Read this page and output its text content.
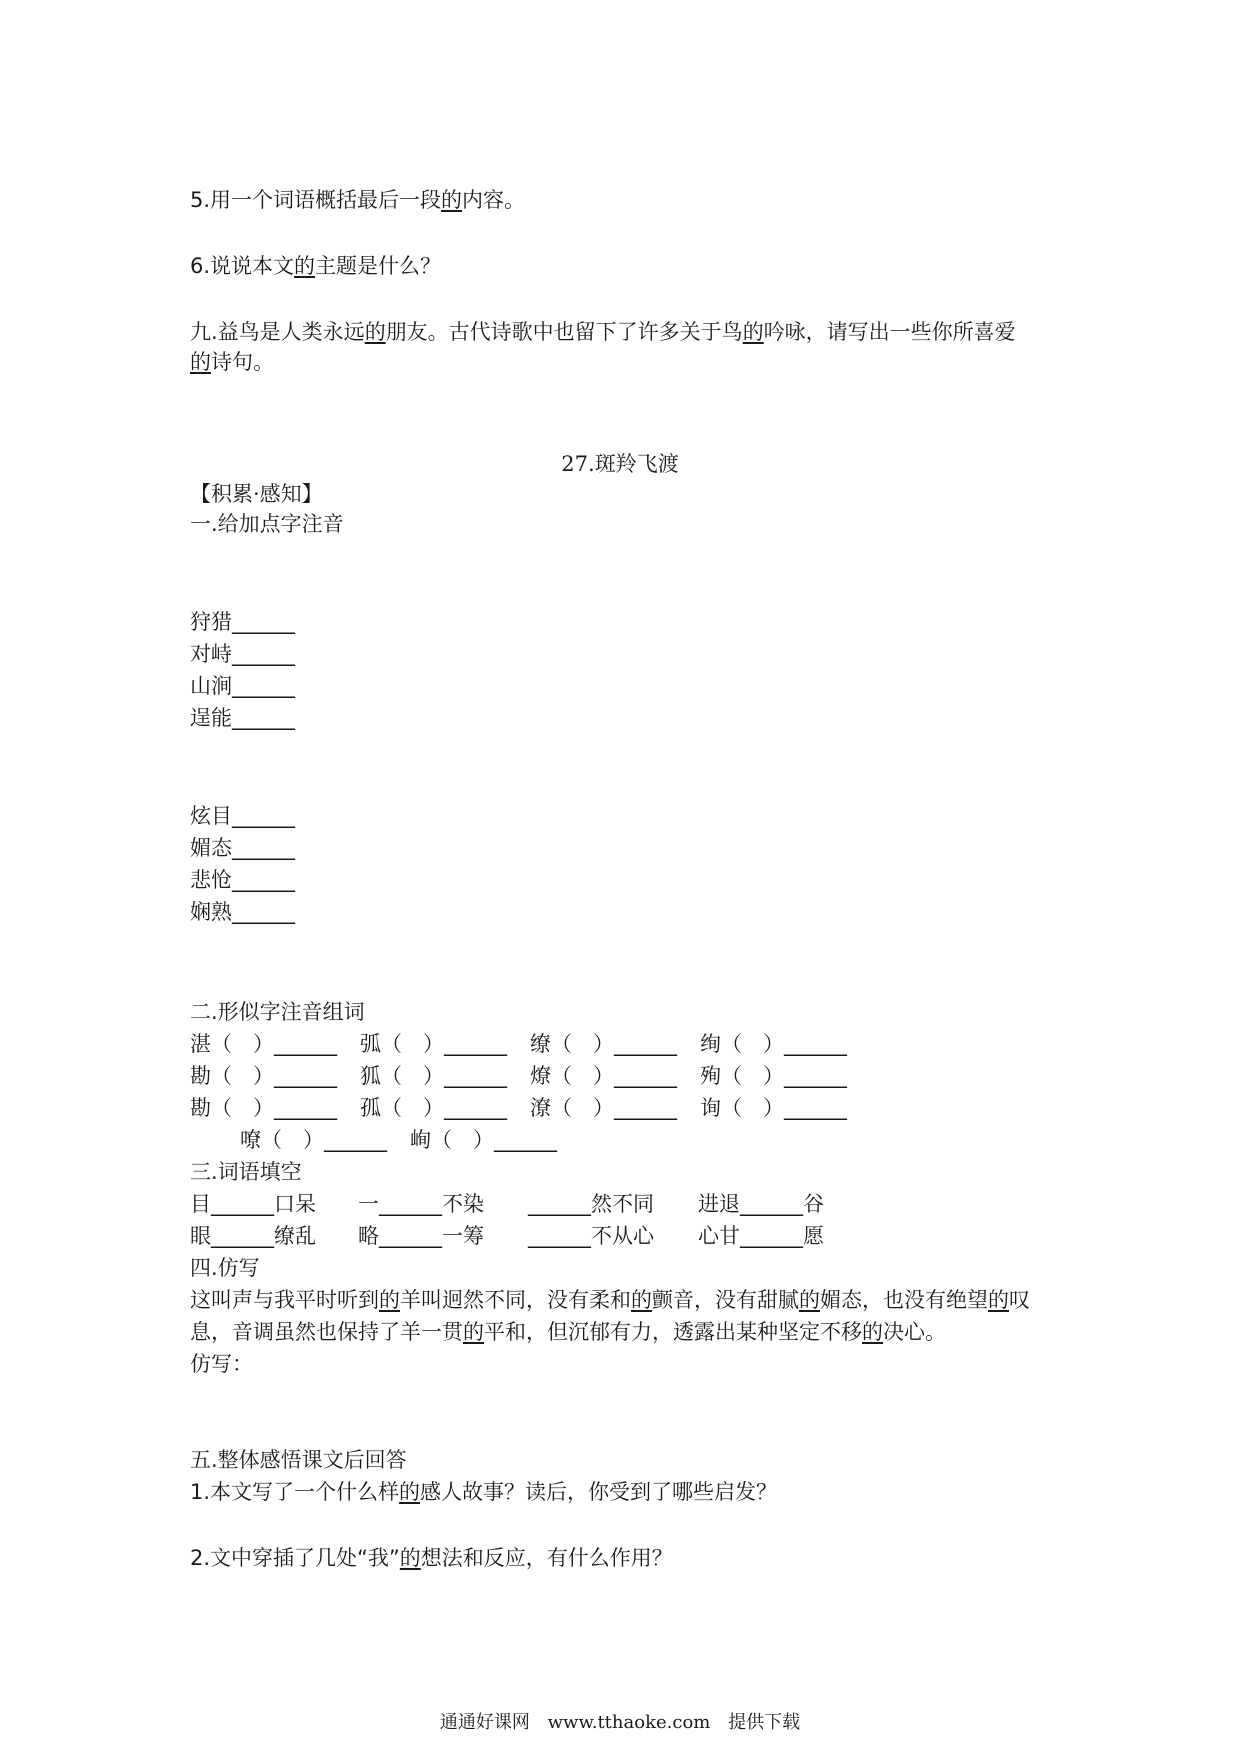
5.用一个词语概括最后一段的内容。
6.说说本文的主题是什么？
九.益鸟是人类永远的朋友。古代诗歌中也留下了许多关于鸟的吟咏，请写出一些你所喜爱
的诗句。
27.斑羚飞渡
【积累·感知】
一.给加点字注音
狩猎______
对峙______
山涧______
逞能______
炫目______
媚态______
悲怆______
娴熟______
二.形似字注音组词
湛（　）______ 弧（　）______ 缭（　）______ 绚（　）______
勘（　）______ 狐（　）______ 燎（　）______ 殉（　）______
勘（　）______ 孤（　）______ 潦（　）______ 询（　）______
嘹（　）______ 峋（　）______
三.词语填空
目______口呆 一______不染 ______然不同 进退______谷
眼______缭乱 略______一筹 ______不从心 心甘______愿
四.仿写
这叫声与我平时听到的羊叫迥然不同，没有柔和的颤音，没有甜腻的媚态，也没有绝望的叹
息，音调虽然也保持了羊一贯的平和，但沉郁有力，透露出某种坚定不移的决心。
仿写：
五.整体感悟课文后回答
1.本文写了一个什么样的感人故事？读后，你受到了哪些启发？
2.文中穿插了几处“我”的想法和反应，有什么作用？
通通好课网 www.tthaoke.com 提供下载
